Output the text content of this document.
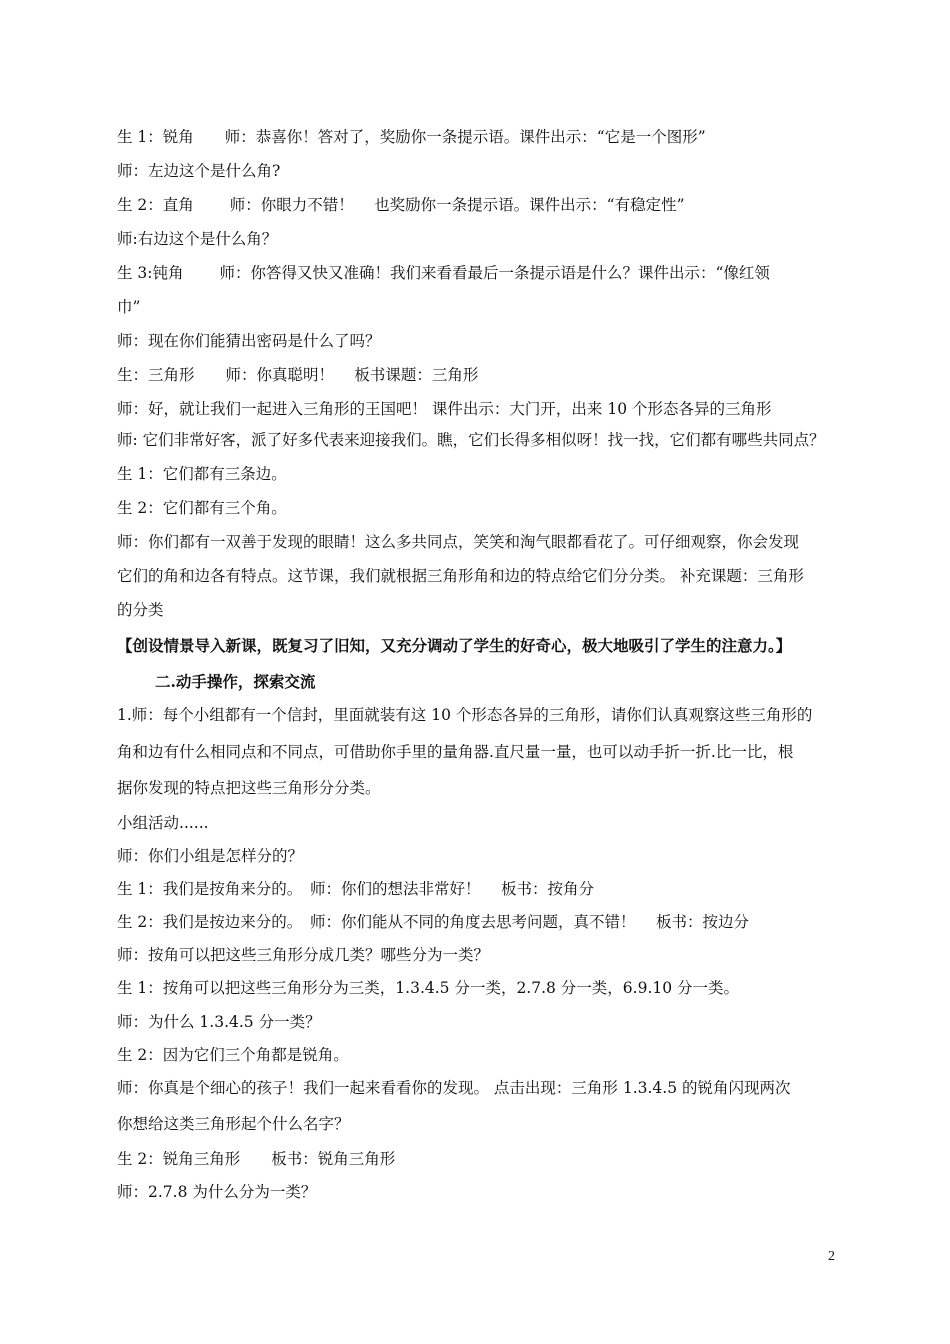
生 1：锐角　　师：恭喜你！答对了，奖励你一条提示语。课件出示：“它是一个图形”
师：左边这个是什么角?
生 2：直角　　 师：你眼力不错！　 也奖励你一条提示语。课件出示：“有稳定性”
师:右边这个是什么角？
生 3:钝角　　 师：你答得又快又准确！我们来看看最后一条提示语是什么？课件出示：“像红领
巾”
师：现在你们能猜出密码是什么了吗？
生：三角形　　师：你真聪明！　 板书课题：三角形
师：好，就让我们一起进入三角形的王国吧！ 课件出示：大门开，出来 10 个形态各异的三角形
师: 它们非常好客，派了好多代表来迎接我们。瞧，它们长得多相似呀！找一找，它们都有哪些共同点？
生 1：它们都有三条边。
生 2：它们都有三个角。
师：你们都有一双善于发现的眼睛！这么多共同点，笑笑和淘气眼都看花了。可仔细观察，你会发现
它们的角和边各有特点。这节课，我们就根据三角形角和边的特点给它们分分类。 补充课题：三角形
的分类
【创设情景导入新课，既复习了旧知，又充分调动了学生的好奇心，极大地吸引了学生的注意力。】
二.动手操作，探索交流
1.师：每个小组都有一个信封，里面就装有这 10 个形态各异的三角形，请你们认真观察这些三角形的
角和边有什么相同点和不同点，可借助你手里的量角器.直尺量一量，也可以动手折一折.比一比，根
据你发现的特点把这些三角形分分类。
小组活动......
师：你们小组是怎样分的？
生 1：我们是按角来分的。　师：你们的想法非常好！　 板书：按角分
生 2：我们是按边来分的。　师：你们能从不同的角度去思考问题，真不错！　 板书：按边分
师：按角可以把这些三角形分成几类？哪些分为一类？
生 1：按角可以把这些三角形分为三类，1.3.4.5 分一类，2.7.8 分一类，6.9.10 分一类。
师：为什么 1.3.4.5 分一类？
生 2：因为它们三个角都是锐角。
师：你真是个细心的孩子！我们一起来看看你的发现。 点击出现：三角形 1.3.4.5 的锐角闪现两次
你想给这类三角形起个什么名字？
生 2：锐角三角形　　板书：锐角三角形
师：2.7.8 为什么分为一类？
2
